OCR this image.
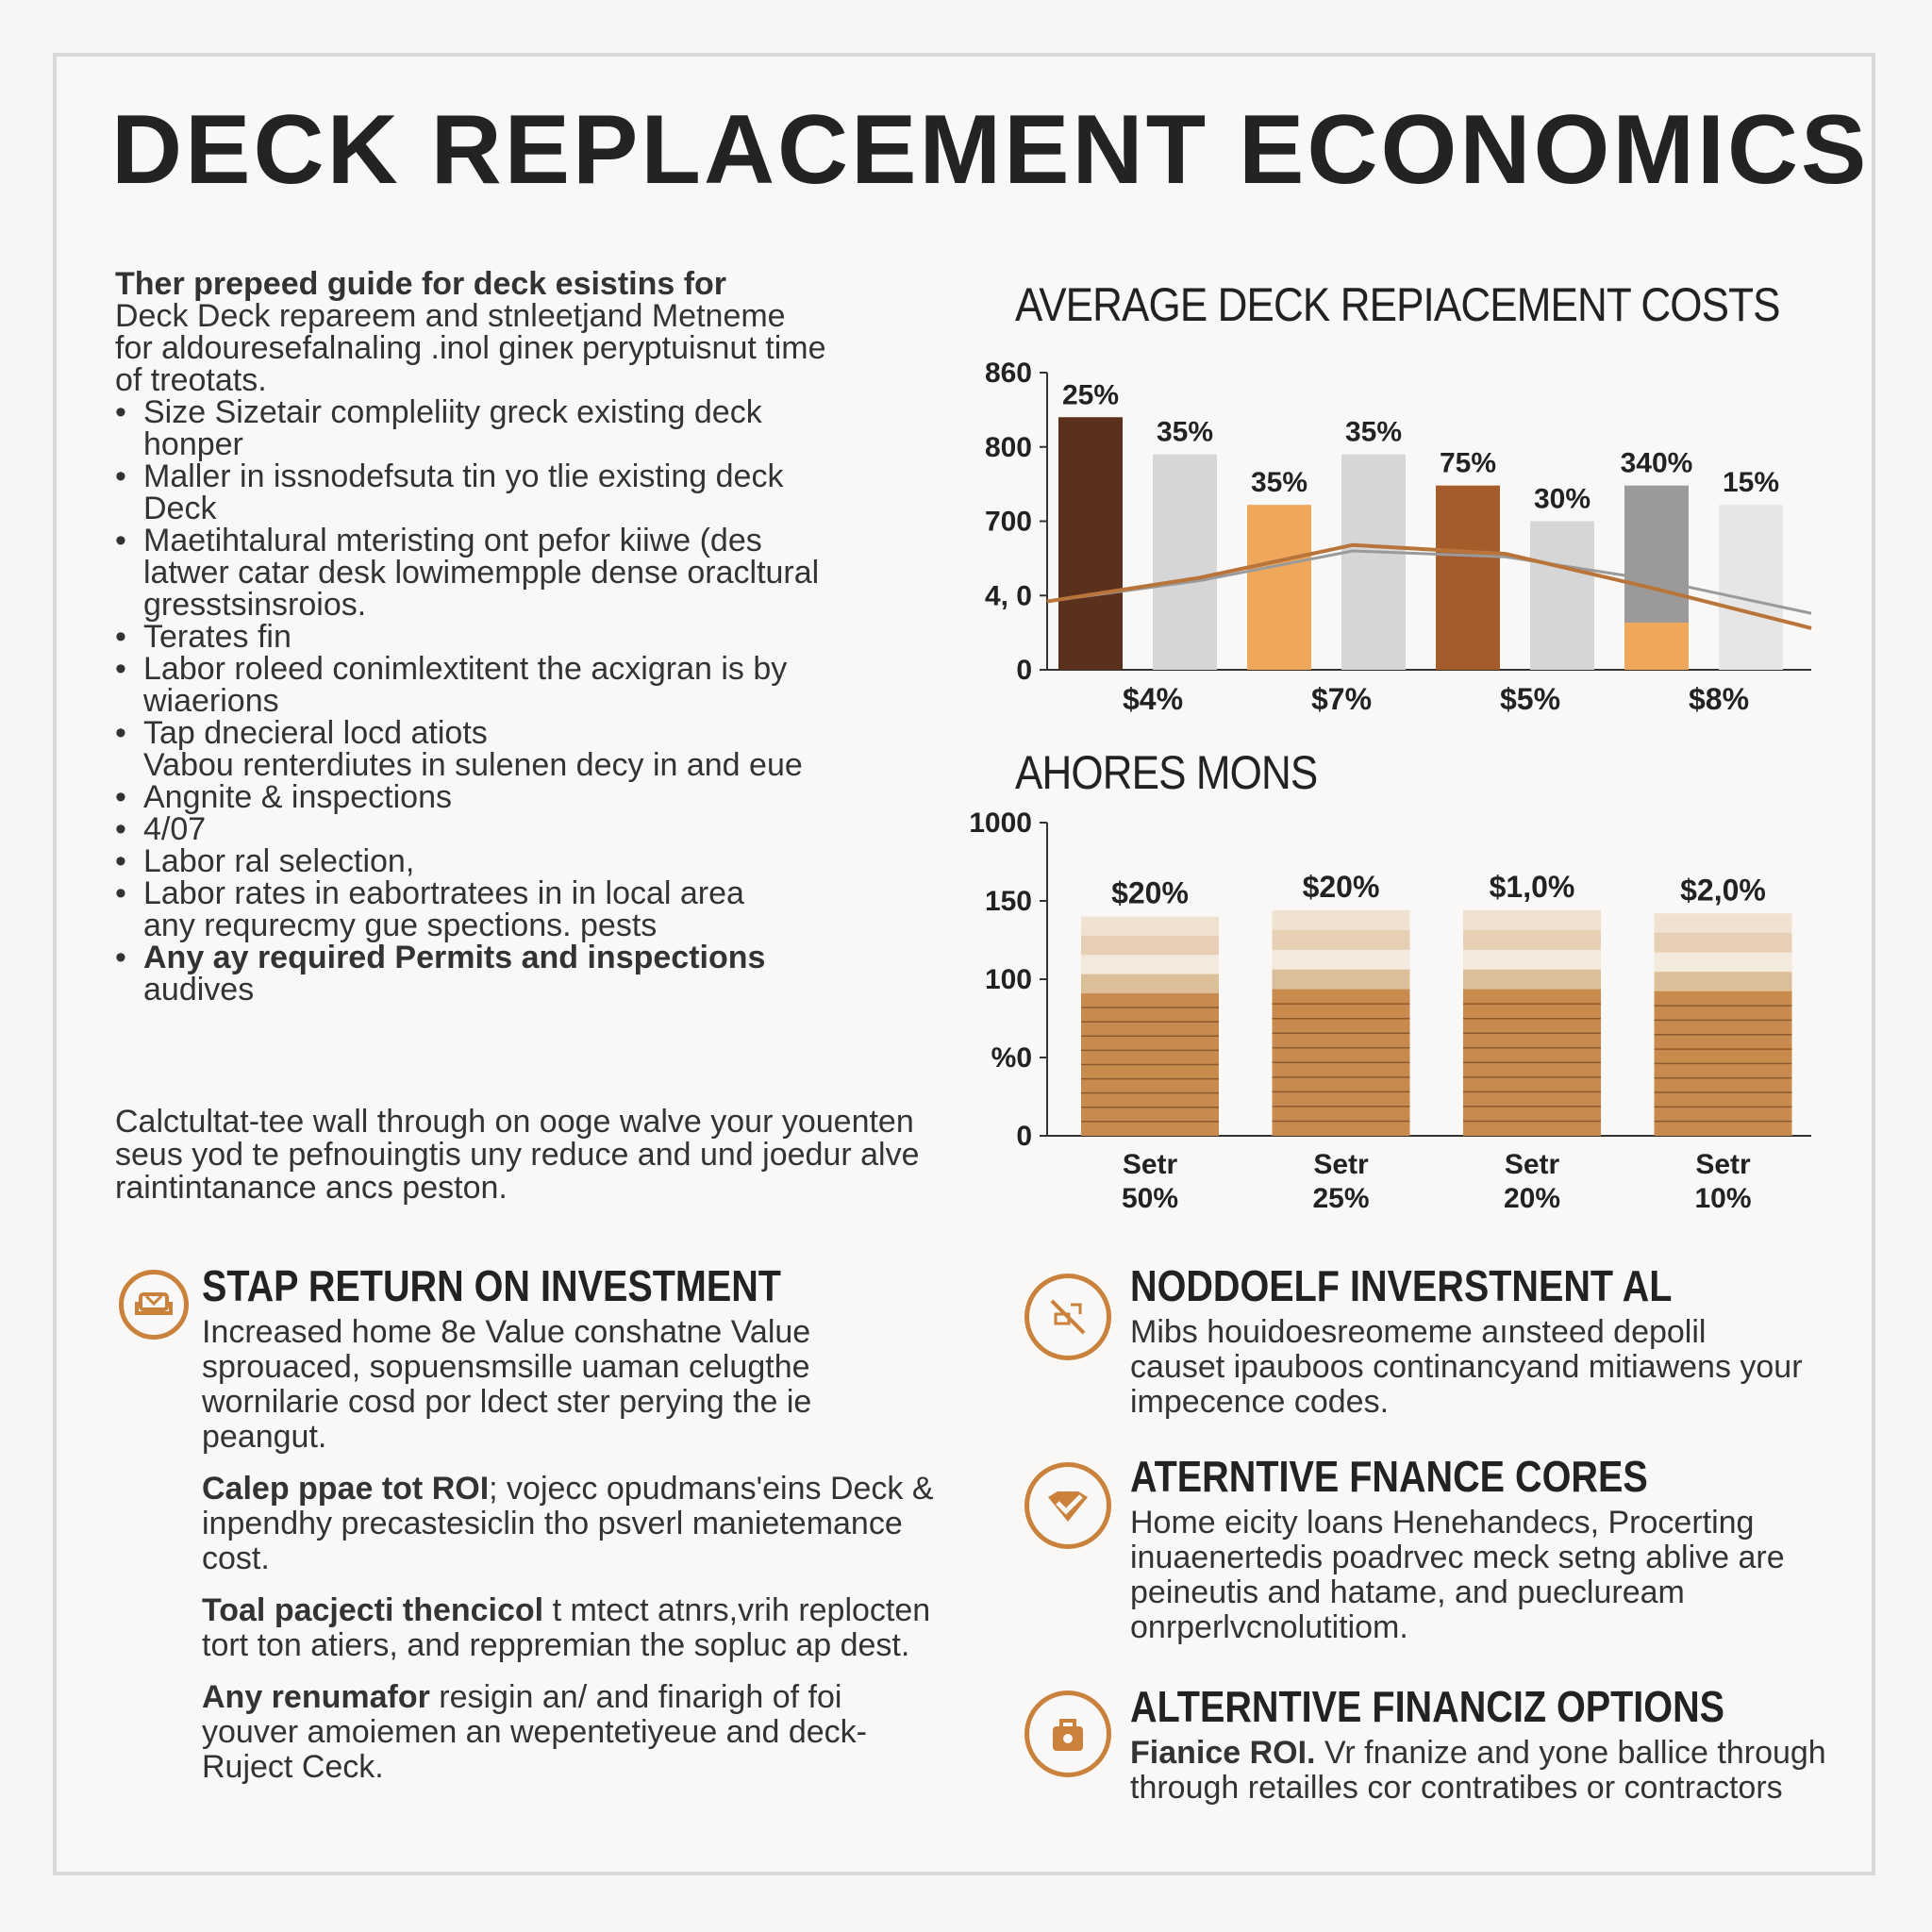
DECK REPLACEMENT ECONOMICS
Ther prepeed guide for deck esistins for
Deck Deck repareem and stnleetjand Metneme
for aldouresefalnaling .inol gineк perурtuisnut time
of treotats.
• Size Sizetair compleliity greck existing deck
honper
• Maller in issnodefsuta tin yo tlie existing deck
Deck
• Maetihtalural mteristing ont pefor kiiwe (des
latwer catar desk lowimempple dense oracltural gresstsinsroios.
• Terates fin
• Labor roleed conimlextitent the acxigran is by
wiaerions
• Tap dnecieral locd atiots
Vabou renterdiutes in sulenen decy in and eue
• Angnite & inspections
• 4/07
• Labor ral selection,
• Labor rates in eabortratees in in local area
any requrecmy gue spections. pests
• Any ay required Permits and inspections
audives
Calctultat-tee wall through on ooge walve your youenten seus yod te pefnouingtis uny reduce and und joedur alve raintintanance ancs peston.
AVERAGE DECK REPIACEMENT COSTS
860
800
700
4, 0
0
25%
35%
35%
35%
75%
30%
340%
15%
$4%	$7%	$5%	$8%
AHORES MONS
1000
150
100
%0
0
$20%
Setr
50%
$20%
Setr
25%
$1,0%
Setr
20%
$2,0%
Setr
10%
STAP RETURN ON INVESTMENT

Increased home 8e Value conshatne Value sprouaced, sopuensmsille uaman celugthe wornilarie cosd por ldect ster perying the ie peangut.

Calep ppae tot ROI; vojecc opudmans'eins Deck & inpendhy precastesiclin tho psverl manietemance cost.
Toal pacjecti thencicol t mtect atnrs,vrih replocten tort ton atiers, and reppremian the sopluc ap dest.
Any renumafor resigin an/ and finarigh of foi youver amoiemen an wepentetiyeue and deck-Ruject Ceck.
NODDOELF INVERSTNENT AL

Mibs houidoesreomeme aınsteed depolil causet ipauboos continancyand mitiawens your impecence codes.

ATERNTIVE FNANCE CORES

Home eicity loans Henehandecs, Procerting inuaenertedis poadrvec meck setng ablive are peineutis and hatame, and puecluream onrperlvcnolutitiom.

ALTERNTIVE FINANCIZ OPTIONS

Fianice ROI. Vr fnanize and yone ballice through through retailles cor contratibes or contractors
